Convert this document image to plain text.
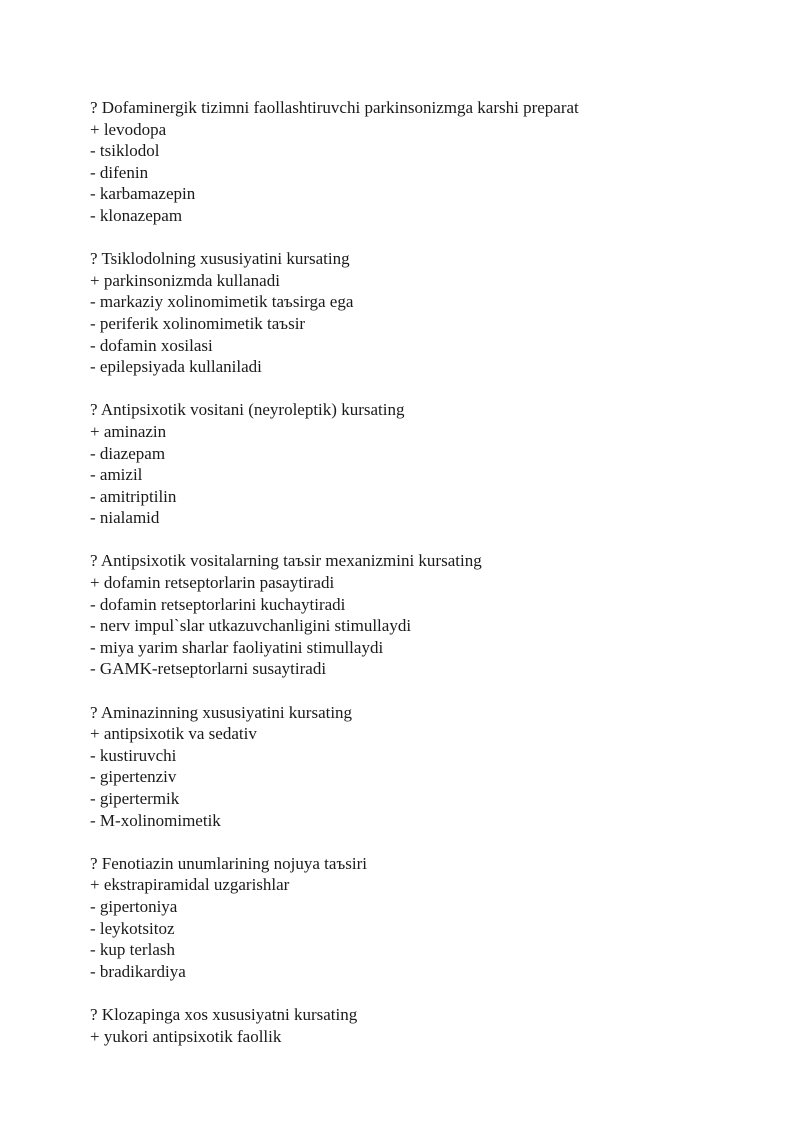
? Dofaminergik tizimni faollashtiruvchi parkinsonizmga karshi preparat
+ levodopa
- tsiklodol
- difenin
- karbamazepin
- klonazepam
? Tsiklodolning xususiyatini kursating
+ parkinsonizmda kullanadi
- markaziy xolinomimetik taъsirga ega
- periferik xolinomimetik taъsir
- dofamin xosilasi
- epilepsiyada kullaniladi
? Antipsixotik vositani (neyroleptik) kursating
+ aminazin
- diazepam
- amizil
- amitriptilin
- nialamid
? Antipsixotik vositalarning taъsir mexanizmini kursating
+ dofamin retseptorlarin pasaytiradi
- dofamin retseptorlarini kuchaytiradi
- nerv impul`slar utkazuvchanligini stimullaydi
- miya yarim sharlar faoliyatini stimullaydi
- GAMK-retseptorlarni susaytiradi
? Aminazinning xususiyatini kursating
+ antipsixotik va sedativ
- kustiruvchi
- gipertenziv
- gipertermik
- M-xolinomimetik
? Fenotiazin unumlarining nojuya taъsiri
+ ekstrapiramidal uzgarishlar
- gipertoniya
- leykotsitoz
- kup terlash
- bradikardiya
? Klozapinga xos xususiyatni kursating
+ yukori antipsixotik faollik
